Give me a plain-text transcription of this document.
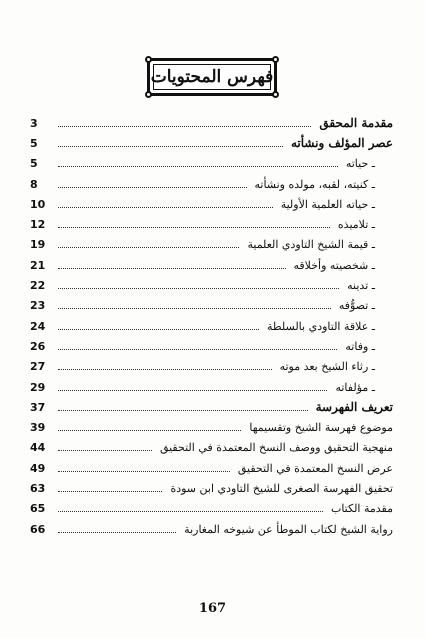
فهرس المحتويات
مقدمة المحقق
3
عصر المؤلف ونشأته
5
ـ حياته
5
ـ كنيته، لقبه، مولده ونشأته
8
ـ حياته العلمية الأولية
10
ـ تلاميذه
12
ـ قيمة الشيخ التاودي العلمية
19
ـ شخصيته وأخلاقه
21
ـ تدينه
22
ـ تصوُّفه
23
ـ علاقة التاودي بالسلطة
24
ـ وفاته
26
ـ رثاء الشيخ بعد موته
27
ـ مؤلفاته
29
تعريف الفهرسة
37
موضوع فهرسة الشيخ وتقسيمها
39
منهجية التحقيق ووصف النسخ المعتمدة في التحقيق
44
عرض النسخ المعتمدة في التحقيق
49
تحقيق الفهرسة الصغرى للشيخ التاودي ابن سودة
63
مقدمة الكتاب
65
رواية الشيخ لكتاب الموطأ عن شيوخه المغاربة
66
167
